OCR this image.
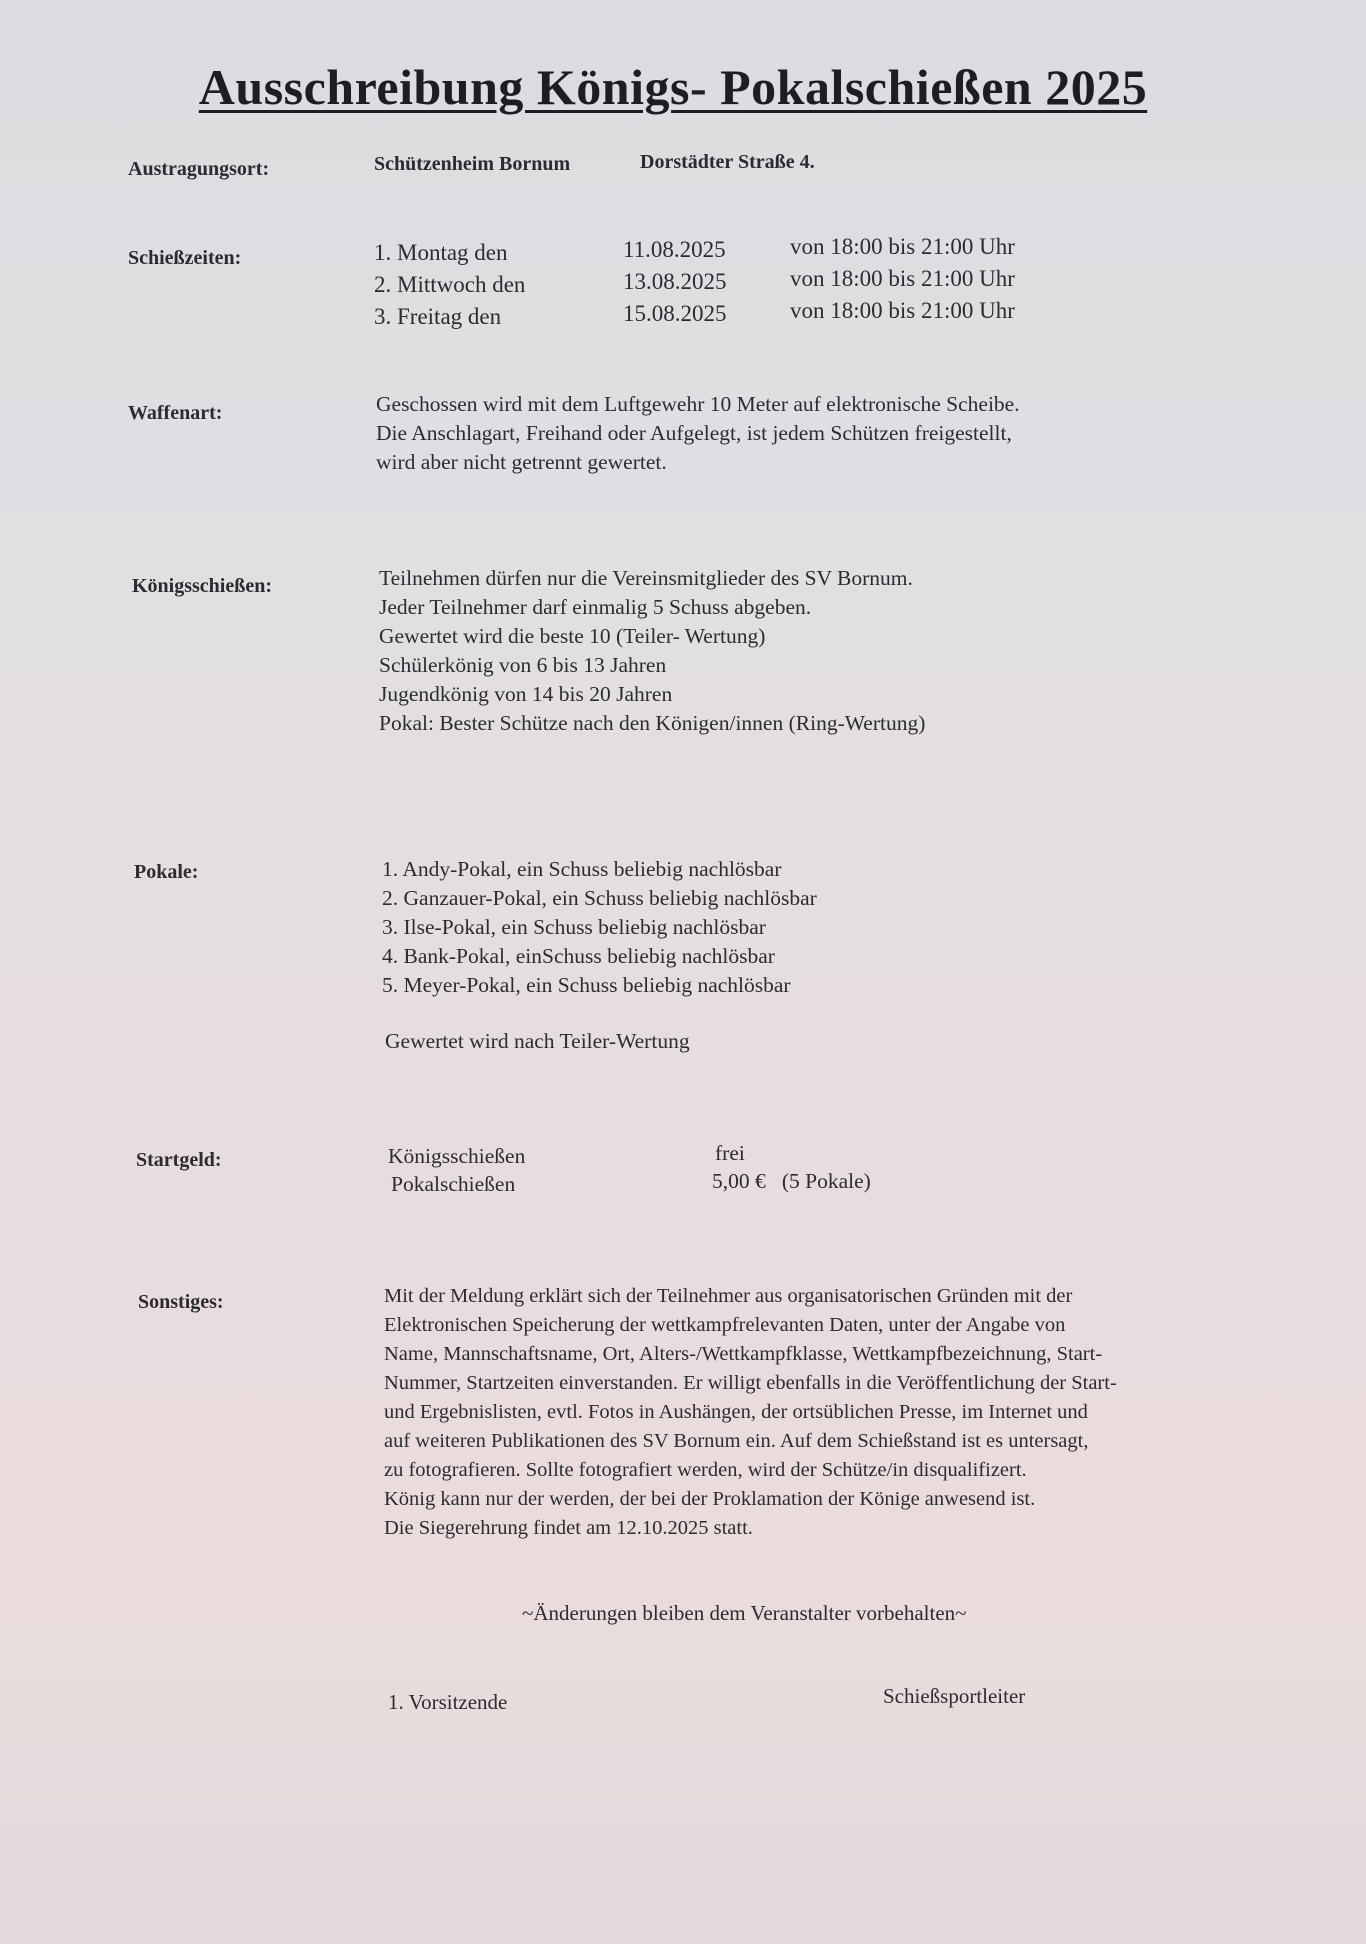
Ausschreibung Königs- Pokalschießen 2025
Austragungsort:	Schützenheim Bornum	Dorstädter Straße 4.
Schießzeiten:	1. Montag den	11.08.2025	von 18:00 bis 21:00 Uhr
2. Mittwoch den	13.08.2025	von 18:00 bis 21:00 Uhr
3. Freitag den	15.08.2025	von 18:00 bis 21:00 Uhr
Waffenart:	Geschossen wird mit dem Luftgewehr 10 Meter auf elektronische Scheibe.
Die Anschlagart, Freihand oder Aufgelegt, ist jedem Schützen freigestellt,
wird aber nicht getrennt gewertet.
Königsschießen:	Teilnehmen dürfen nur die Vereinsmitglieder des SV Bornum.
Jeder Teilnehmer darf einmalig 5 Schuss abgeben.
Gewertet wird die beste 10 (Teiler- Wertung)
Schülerkönig von 6 bis 13 Jahren
Jugendkönig von 14 bis 20 Jahren
Pokal: Bester Schütze nach den Königen/innen (Ring-Wertung)
Pokale:	1. Andy-Pokal, ein Schuss beliebig nachlösbar
2. Ganzauer-Pokal, ein Schuss beliebig nachlösbar
3. Ilse-Pokal, ein Schuss beliebig nachlösbar
4. Bank-Pokal, einSchuss beliebig nachlösbar
5. Meyer-Pokal, ein Schuss beliebig nachlösbar
Gewertet wird nach Teiler-Wertung
Startgeld:	Königsschießen	frei
Pokalschießen	5,00 €   (5 Pokale)
Sonstiges:	Mit der Meldung erklärt sich der Teilnehmer aus organisatorischen Gründen mit der
Elektronischen Speicherung der wettkampfrelevanten Daten, unter der Angabe von
Name, Mannschaftsname, Ort, Alters-/Wettkampfklasse, Wettkampfbezeichnung, Start-
Nummer, Startzeiten einverstanden. Er willigt ebenfalls in die Veröffentlichung der Start-
und Ergebnislisten, evtl. Fotos in Aushängen, der ortsüblichen Presse, im Internet und
auf weiteren Publikationen des SV Bornum ein. Auf dem Schießstand ist es untersagt,
zu fotografieren. Sollte fotografiert werden, wird der Schütze/in disqualifizert.
König kann nur der werden, der bei der Proklamation der Könige anwesend ist.
Die Siegerehrung findet am 12.10.2025 statt.
~Änderungen bleiben dem Veranstalter vorbehalten~
1. Vorsitzende	Schießsportleiter
